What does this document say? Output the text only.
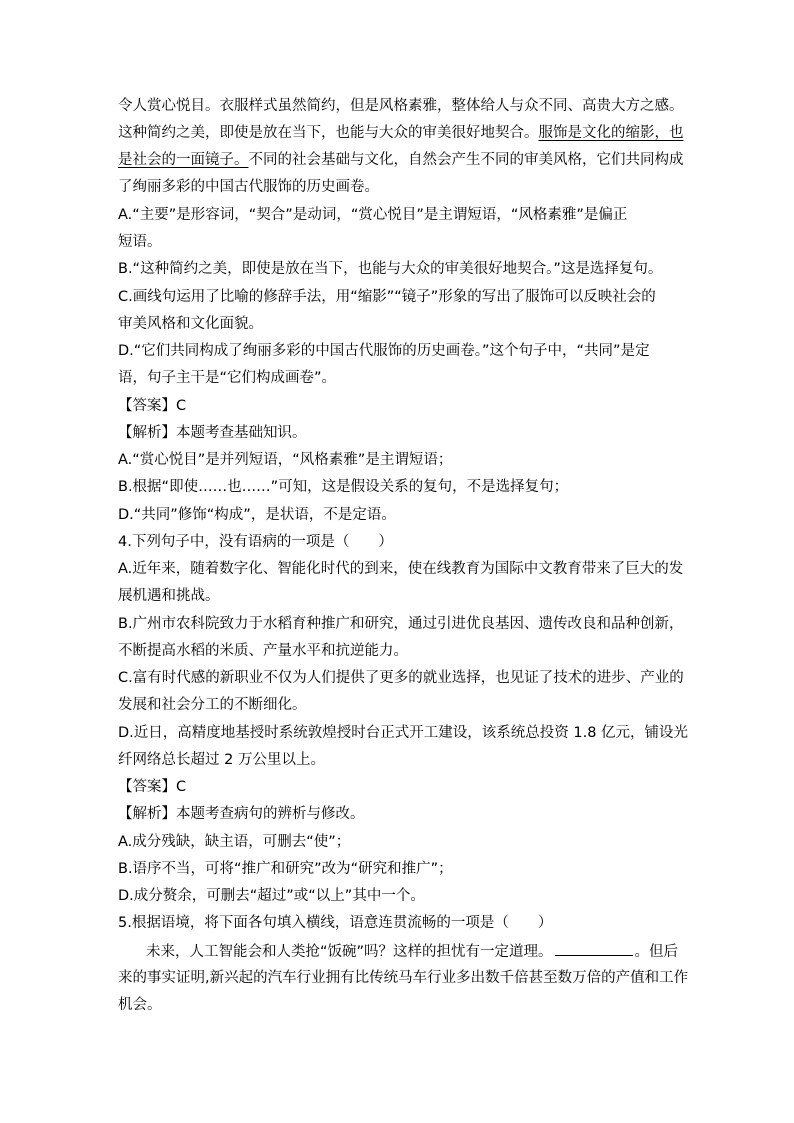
令人赏心悦目。衣服样式虽然简约，但是风格素雅，整体给人与众不同、高贵大方之感。
这种简约之美，即使是放在当下，也能与大众的审美很好地契合。服饰是文化的缩影，也
是社会的一面镜子。不同的社会基础与文化，自然会产生不同的审美风格，它们共同构成
了绚丽多彩的中国古代服饰的历史画卷。
A.“主要”是形容词，“契合”是动词，“赏心悦目”是主谓短语，“风格素雅”是偏正
短语。
B.“这种简约之美，即使是放在当下，也能与大众的审美很好地契合。”这是选择复句。
C.画线句运用了比喻的修辞手法，用“缩影”“镜子”形象的写出了服饰可以反映社会的
审美风格和文化面貌。
D.“它们共同构成了绚丽多彩的中国古代服饰的历史画卷。”这个句子中，“共同”是定
语，句子主干是“它们构成画卷”。
【答案】C
【解析】本题考查基础知识。
A.“赏心悦目”是并列短语，“风格素雅”是主谓短语；
B.根据“即使……也……”可知，这是假设关系的复句，不是选择复句；
D.“共同”修饰“构成”，是状语，不是定语。
4.下列句子中，没有语病的一项是（　　）
A.近年来，随着数字化、智能化时代的到来，使在线教育为国际中文教育带来了巨大的发
展机遇和挑战。
B.广州市农科院致力于水稻育种推广和研究，通过引进优良基因、遗传改良和品种创新，
不断提高水稻的米质、产量水平和抗逆能力。
C.富有时代感的新职业不仅为人们提供了更多的就业选择，也见证了技术的进步、产业的
发展和社会分工的不断细化。
D.近日，高精度地基授时系统敦煌授时台正式开工建设，该系统总投资 1.8 亿元，铺设光
纤网络总长超过 2 万公里以上。
【答案】C
【解析】本题考查病句的辨析与修改。
A.成分残缺，缺主语，可删去“使”；
B.语序不当，可将“推广和研究”改为“研究和推广”；
D.成分赘余，可删去“超过”或“以上”其中一个。
5.根据语境，将下面各句填入横线，语意连贯流畅的一项是（　　）
未来，人工智能会和人类抢“饭碗”吗？这样的担忧有一定道理。	。但后
来的事实证明,新兴起的汽车行业拥有比传统马车行业多出数千倍甚至数万倍的产值和工作
机会。
